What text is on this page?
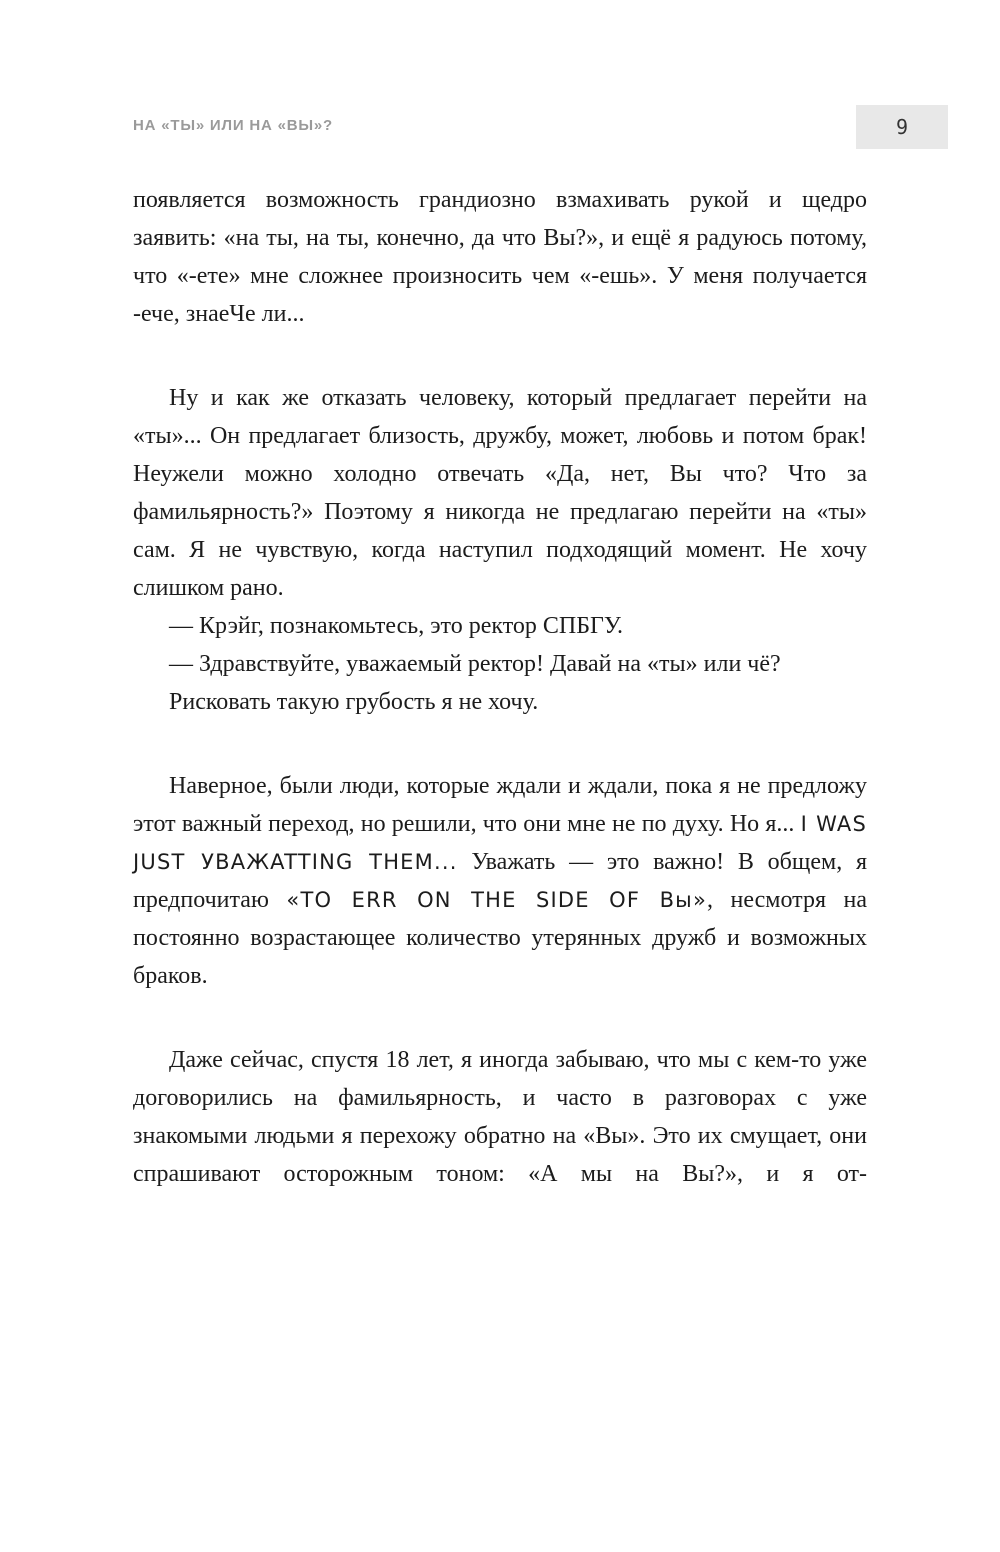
НА «ТЫ» ИЛИ НА «ВЫ»?	9

появляется возможность грандиозно взмахивать рукой и щедро заявить: «на ты, на ты, конечно, да что Вы?», и ещё я радуюсь потому, что «-ете» мне сложнее произносить чем «-ешь». У меня получается -ече, знаеЧе ли...

Ну и как же отказать человеку, который предлагает перейти на «ты»... Он предлагает близость, дружбу, может, любовь и потом брак! Неужели можно холодно отвечать «Да, нет, Вы что? Что за фамильярность?» Поэтому я никогда не предлагаю перейти на «ты» сам. Я не чувствую, когда наступил подходящий момент. Не хочу слишком рано.

— Крэйг, познакомьтесь, это ректор СПБГУ.

— Здравствуйте, уважаемый ректор! Давай на «ты» или чё?

Рисковать такую грубость я не хочу.

Наверное, были люди, которые ждали и ждали, пока я не предложу этот важный переход, но решили, что они мне не по духу. Но я... I WAS JUST УВАЖATTING THEM... Уважать — это важно! В общем, я предпочитаю «TO ERR ON THE SIDE OF Вы», несмотря на постоянно возрастающее количество утерянных дружб и возможных браков.

Даже сейчас, спустя 18 лет, я иногда забываю, что мы с кем-то уже договорились на фамильярность, и часто в разговорах с уже знакомыми людьми я перехожу обратно на «Вы». Это их смущает, они спрашивают осторожным тоном: «А мы на Вы?», и я от-
